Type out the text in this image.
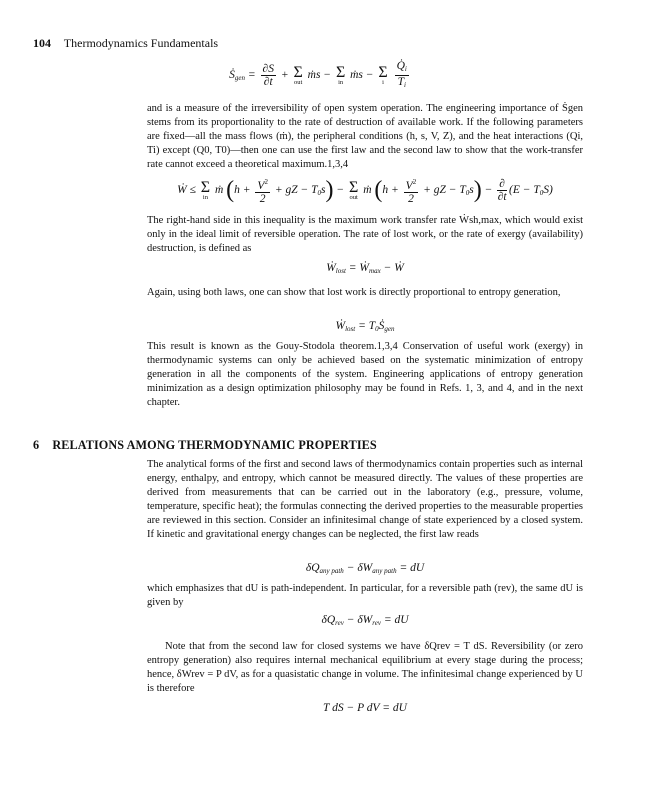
104 Thermodynamics Fundamentals
Ṡ$_{gen}$ = $\frac{\partial S}{\partial t} + \Sigma$
out
ṁs − Σ
in
ṁs − Σ
i
$\frac{Q̇_i}{T_i}$
and is a measure of the irreversibility of open system operation. The engineering importance of Ṡgen stems from its proportionality to the rate of destruction of available work. If the following parameters are fixed—all the mass flows (ṁ), the peripheral conditions (h, s, V, Z), and the heat interactions (Qi, Ti) except (Q0, T0)—then one can use the first law and the second law to show that the work-transfer rate cannot exceed a theoretical maximum.1,3,4
Ẇ ≤ Σ
in
ṁ ($h + \frac{V^2}{2}$ + gZ − $T_0s) - \Sigma$
out
ṁ ($h + \frac{V^2}{2}$ + gZ − $T_0s) - \frac{\partial}{\partial t} (E - T_0S)$
The right-hand side in this inequality is the maximum work transfer rate Ẇsh,max, which would exist only in the ideal limit of reversible operation. The rate of lost work, or the rate of exergy (availability) destruction, is defined as
Ẇ$_{lost}$ = Ẇ$_{max}$ − Ẇ
Again, using both laws, one can show that lost work is directly proportional to entropy generation,
Ẇ$_{lost}$ = $T_0Ṡ_{gen}$
This result is known as the Gouy-Stodola theorem.1,3,4 Conservation of useful work (exergy) in thermodynamic systems can only be achieved based on the systematic minimization of entropy generation in all the components of the system. Engineering applications of entropy generation minimization as a design optimization philosophy may be found in Refs. 1, 3, and 4, and in the next chapter.
6 RELATIONS AMONG THERMODYNAMIC PROPERTIES
The analytical forms of the first and second laws of thermodynamics contain properties such as internal energy, enthalpy, and entropy, which cannot be measured directly. The values of these properties are derived from measurements that can be carried out in the laboratory (e.g., pressure, volume, temperature, specific heat); the formulas connecting the derived properties to the measurable properties are reviewed in this section. Consider an infinitesimal change of state experienced by a closed system. If kinetic and gravitational energy changes can be neglected, the first law reads
$\delta Q_{any path} - \delta W_{any path}$ = dU
which emphasizes that dU is path-independent. In particular, for a reversible path (rev), the same dU is given by
$\delta Q_{rev} - \delta W_{rev}$ = dU
Note that from the second law for closed systems we have δQrev = T dS. Reversibility (or zero entropy generation) also requires internal mechanical equilibrium at every stage during the process; hence, δWrev = P dV, as for a quasistatic change in volume. The infinitesimal change experienced by U is therefore
T dS − P dV = dU
